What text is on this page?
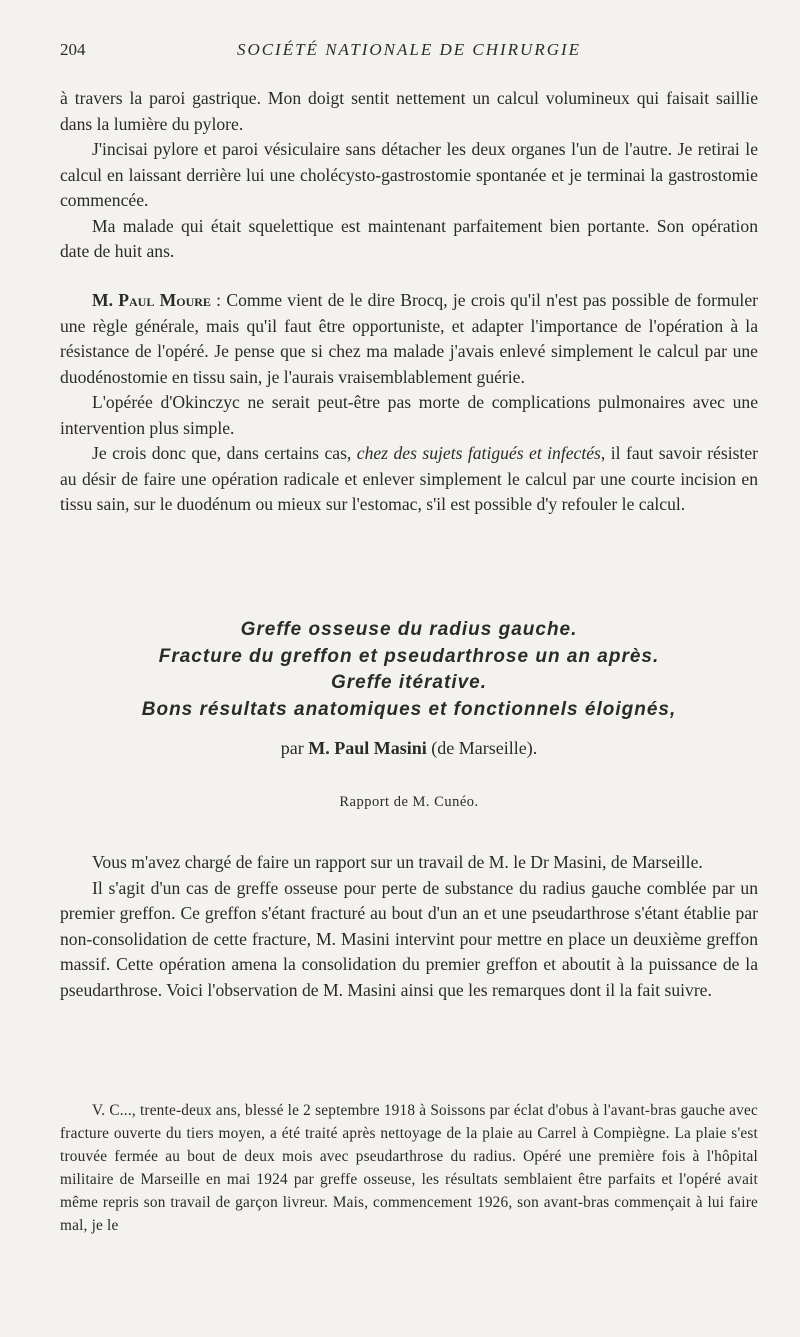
204	SOCIÉTÉ NATIONALE DE CHIRURGIE

à travers la paroi gastrique. Mon doigt sentit nettement un calcul volumineux qui faisait saillie dans la lumière du pylore.

J'incisai pylore et paroi vésiculaire sans détacher les deux organes l'un de l'autre. Je retirai le calcul en laissant derrière lui une cholécysto-gastrostomie spontanée et je terminai la gastrostomie commencée.

Ma malade qui était squelettique est maintenant parfaitement bien portante. Son opération date de huit ans.

M. Paul Moure : Comme vient de le dire Brocq, je crois qu'il n'est pas possible de formuler une règle générale, mais qu'il faut être opportuniste, et adapter l'importance de l'opération à la résistance de l'opéré. Je pense que si chez ma malade j'avais enlevé simplement le calcul par une duodénostomie en tissu sain, je l'aurais vraisemblablement guérie.

L'opérée d'Okinczyc ne serait peut-être pas morte de complications pulmonaires avec une intervention plus simple.

Je crois donc que, dans certains cas, chez des sujets fatigués et infectés, il faut savoir résister au désir de faire une opération radicale et enlever simplement le calcul par une courte incision en tissu sain, sur le duodénum ou mieux sur l'estomac, s'il est possible d'y refouler le calcul.

Greffe osseuse du radius gauche.
Fracture du greffon et pseudarthrose un an après.
Greffe itérative.
Bons résultats anatomiques et fonctionnels éloignés,
par M. Paul Masini (de Marseille).
Rapport de M. Cunéo.

Vous m'avez chargé de faire un rapport sur un travail de M. le Dr Masini, de Marseille.

Il s'agit d'un cas de greffe osseuse pour perte de substance du radius gauche comblée par un premier greffon. Ce greffon s'étant fracturé au bout d'un an et une pseudarthrose s'étant établie par non-consolidation de cette fracture, M. Masini intervint pour mettre en place un deuxième greffon massif. Cette opération amena la consolidation du premier greffon et aboutit à la puissance de la pseudarthrose. Voici l'observation de M. Masini ainsi que les remarques dont il la fait suivre.

V. C..., trente-deux ans, blessé le 2 septembre 1918 à Soissons par éclat d'obus à l'avant-bras gauche avec fracture ouverte du tiers moyen, a été traité après nettoyage de la plaie au Carrel à Compiègne. La plaie s'est trouvée fermée au bout de deux mois avec pseudarthrose du radius. Opéré une première fois à l'hôpital militaire de Marseille en mai 1924 par greffe osseuse, les résultats semblaient être parfaits et l'opéré avait même repris son travail de garçon livreur. Mais, commencement 1926, son avant-bras commençait à lui faire mal, je le
